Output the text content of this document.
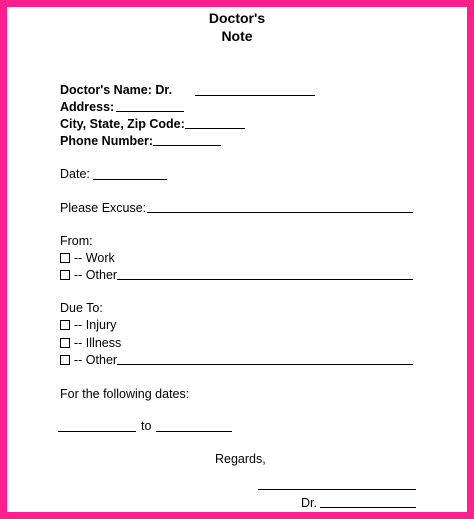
Doctor's
Note
Doctor's Name: Dr.
Address:
City, State, Zip Code:
Phone Number:
Date:
Please Excuse:
From:
-- Work
-- Other
Due To:
-- Injury
-- Illness
-- Other
For the following dates:
to
Regards,
Dr.
